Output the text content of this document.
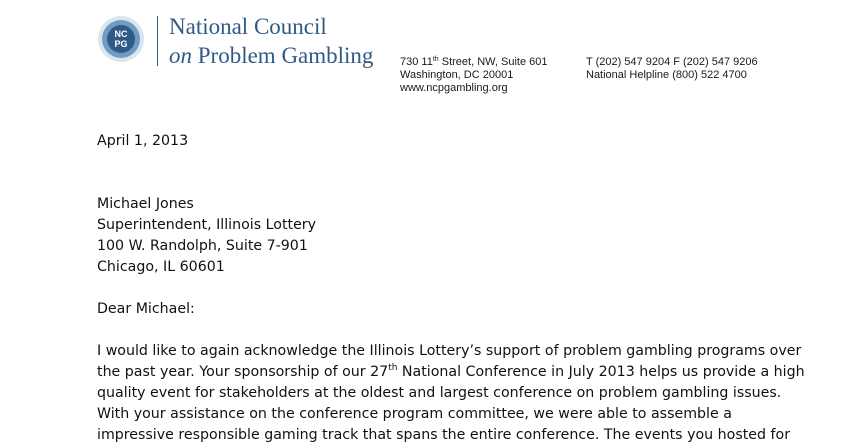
NC
PG
National Council
on Problem Gambling 730 11th Street, NW, Suite 601
Washington, DC 20001
www.ncpgambling.org
T (202) 547 9204 F (202) 547 9206
National Helpline (800) 522 4700

April 1, 2013

Michael Jones

Superintendent, Illinois Lottery

100 W. Randolph, Suite 7-901

Chicago, IL 60601

Dear Michael:

I would like to again acknowledge the Illinois Lottery’s support of problem gambling programs over

the past year. Your sponsorship of our 27th National Conference in July 2013 helps us provide a high

quality event for stakeholders at the oldest and largest conference on problem gambling issues.

With your assistance on the conference program committee, we were able to assemble a

impressive responsible gaming track that spans the entire conference. The events you hosted for
